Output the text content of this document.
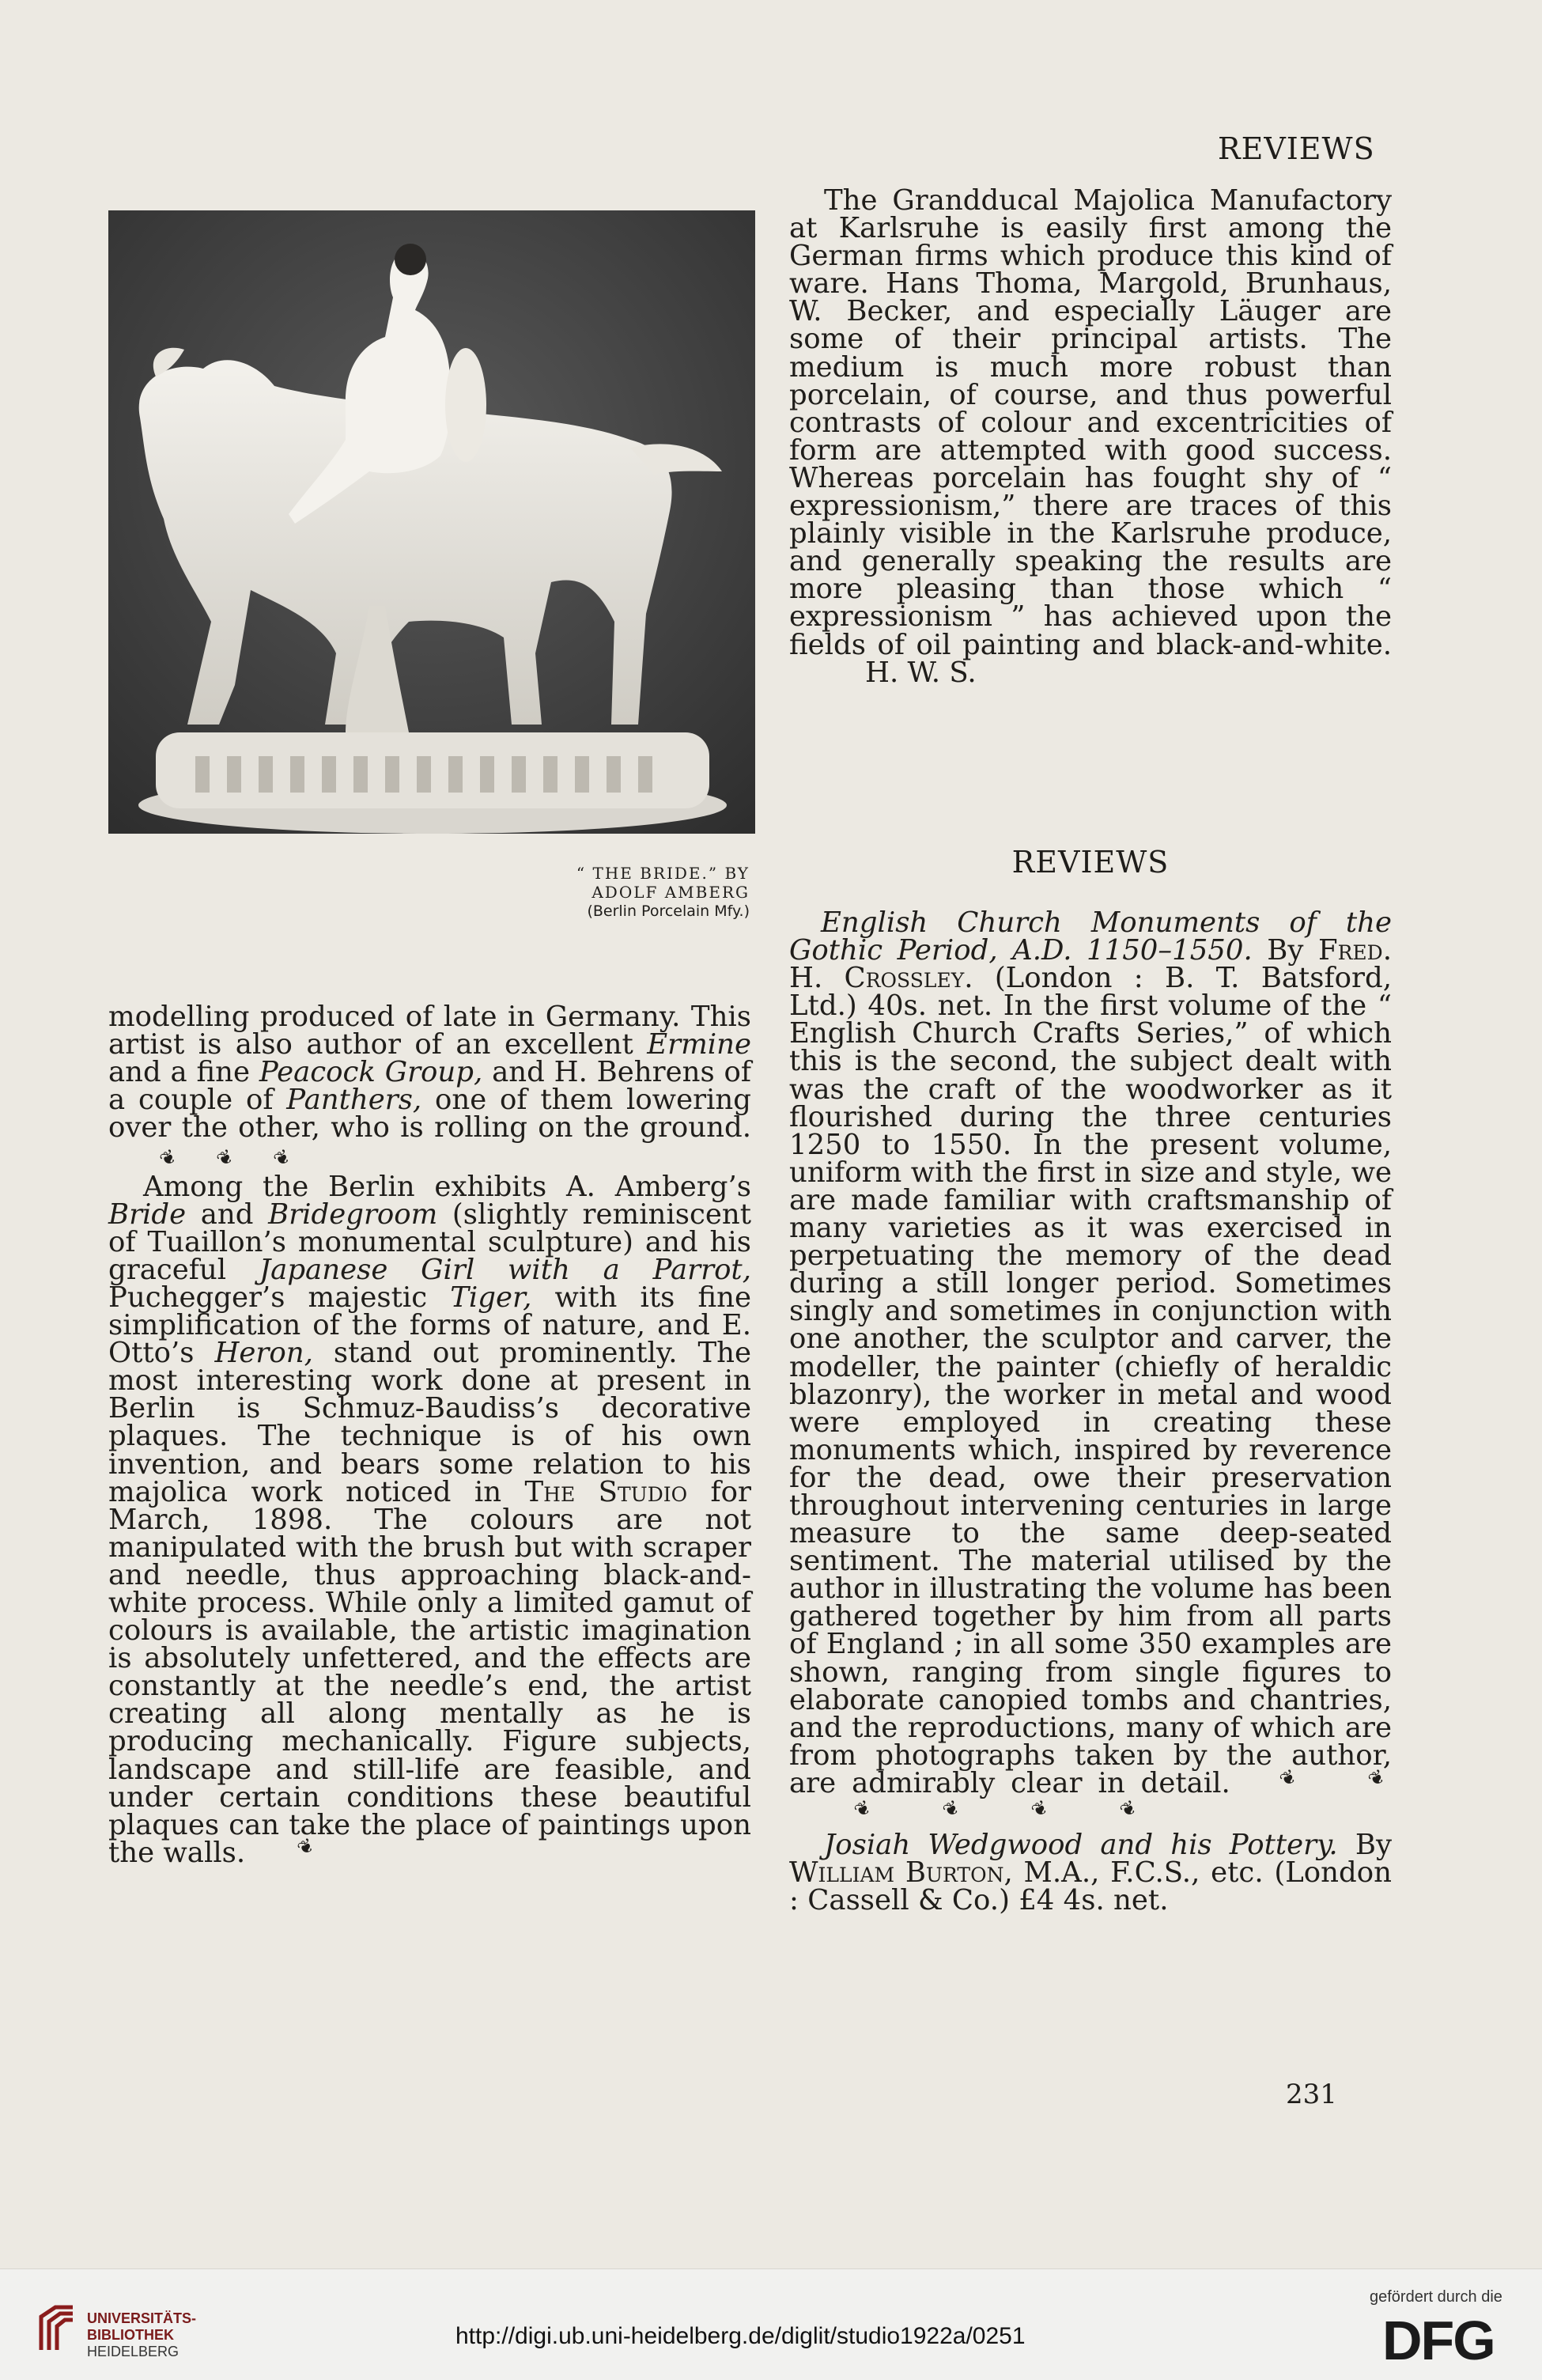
REVIEWS
“ THE BRIDE.” BY
ADOLF AMBERG
(Berlin Porcelain Mfy.)

The Grandducal Majolica Manufactory at Karlsruhe is easily first among the German firms which produce this kind of ware. Hans Thoma, Margold, Brunhaus, W. Becker, and especially Läuger are some of their principal artists. The medium is much more robust than porcelain, of course, and thus powerful contrasts of colour and excentricities of form are attempted with good success. Whereas porcelain has fought shy of “ expressionism,” there are traces of this plainly visible in the Karlsruhe produce, and generally speaking the results are more pleasing than those which “ expressionism ” has achieved upon the fields of oil painting and black-and-white.H. W. S.

REVIEWS

modelling produced of late in Germany. This artist is also author of an excellent Ermine and a fine Peacock Group, and H. Behrens of a couple of Panthers, one of them lowering over the other, who is rolling on the ground.❦ ❦ ❦

Among the Berlin exhibits A. Amberg’s Bride and Bridegroom (slightly reminiscent of Tuaillon’s monumental sculpture) and his graceful Japanese Girl with a Parrot, Puchegger’s majestic Tiger, with its fine simplification of the forms of nature, and E. Otto’s Heron, stand out prominently. The most interesting work done at present in Berlin is Schmuz-Baudiss’s decorative plaques. The technique is of his own invention, and bears some relation to his majolica work noticed in The Studio for March, 1898. The colours are not manipulated with the brush but with scraper and needle, thus approaching black-and-white process. While only a limited gamut of colours is available, the artistic imagination is absolutely unfettered, and the effects are constantly at the needle’s end, the artist creating all along mentally as he is producing mechanically. Figure subjects, landscape and still-life are feasible, and under certain conditions these beautiful plaques can take the place of paintings upon the walls.	❦

English Church Monuments of the Gothic Period, A.D. 1150–1550. By Fred. H. Crossley. (London : B. T. Batsford, Ltd.) 40s. net. In the first volume of the “ English Church Crafts Series,” of which this is the second, the subject dealt with was the craft of the woodworker as it flourished during the three centuries 1250 to 1550. In the present volume, uniform with the first in size and style, we are made familiar with craftsmanship of many varieties as it was exercised in perpetuating the memory of the dead during a still longer period. Sometimes singly and sometimes in conjunction with one another, the sculptor and carver, the modeller, the painter (chiefly of heraldic blazonry), the worker in metal and wood were employed in creating these monuments which, inspired by reverence for the dead, owe their preservation throughout intervening centuries in large measure to the same deep-seated sentiment. The material utilised by the author in illustrating the volume has been gathered together by him from all parts of England ; in all some 350 examples are shown, ranging from single figures to elaborate canopied tombs and chantries, and the reproductions, many of which are from photographs taken by the author, are admirably clear in detail. ❦	❦❦	❦	❦	❦

Josiah Wedgwood and his Pottery. By William Burton, M.A., F.C.S., etc. (London : Cassell & Co.) £4 4s. net.

231
UNIVERSITÄTS-
BIBLIOTHEK
HEIDELBERG
http://digi.ub.uni-heidelberg.de/diglit/studio1922a/0251
gefördert durch die
DFG
